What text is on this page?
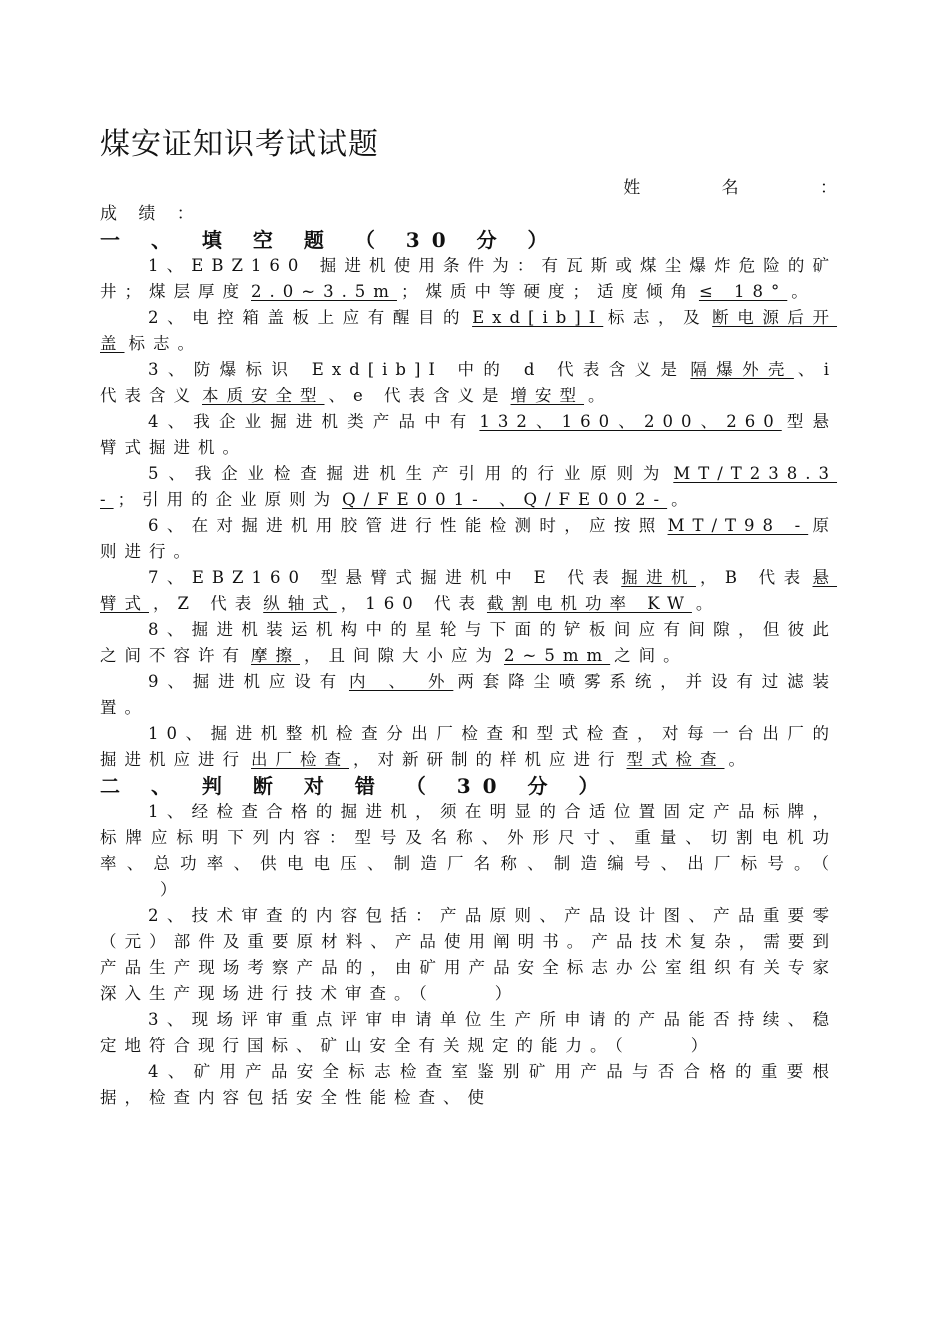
煤安证知识考试试题
姓 名 ：
成 绩 ：
一 、 填 空 题 （ 30 分 ）

1、EBZ160 掘进机使用条件为：有瓦斯或煤尘爆炸危险的矿井；煤层厚度 2.0~3.5m ；煤质中等硬度；适度倾角 ≤ 18° 。

2、电控箱盖板上应有醒目的 Exd[ib]I 标志，及 断电源后开盖 标志。

3、防爆标识 Exd[ib]I 中的 d 代表含义是 隔爆外壳 、i 代表含义 本质安全型 、e 代表含义是 增安型 。

4、我企业掘进机类产品中有 132、160、200、260 型悬臂式掘进机。

5、我企业检查掘进机生产引用的行业原则为 MT/T238.3- ；引用的企业原则为 Q/FE001- 、Q/FE002- 。

6、在对掘进机用胶管进行性能检测时，应按照 MT/T98 - 原则进行。

7、EBZ160 型悬臂式掘进机中 E 代表 掘进机 ，B 代表 悬臂式 ，Z 代表 纵轴式 ，160 代表 截割电机功率 KW 。

8、掘进机装运机构中的星轮与下面的铲板间应有间隙，但彼此之间不容许有 摩擦 ，且间隙大小应为 2~5mm 之间。

9、掘进机应设有 内 、 外 两套降尘喷雾系统，并设有过滤装置。

10、掘进机整机检查分出厂检查和型式检查，对每一台出厂的掘进机应进行 出厂检查 ，对新研制的样机应进行 型式检查 。

二 、 判 断 对 错 （ 30 分 ）

1、经检查合格的掘进机，须在明显的合适位置固定产品标牌，标牌应标明下列内容：型号及名称、外形尺寸、重量、切割电机功率、总功率、供电电压、制造厂名称、制造编号、出厂标号。（）

2、技术审查的内容包括：产品原则、产品设计图、产品重要零（元）部件及重要原材料、产品使用阐明书。产品技术复杂，需要到产品生产现场考察产品的，由矿用产品安全标志办公室组织有关专家深入生产现场进行技术审查。（	）

3、现场评审重点评审申请单位生产所申请的产品能否持续、稳定地符合现行国标、矿山安全有关规定的能力。（	）

4、矿用产品安全标志检查室鉴别矿用产品与否合格的重要根据，检查内容包括安全性能检查、使
